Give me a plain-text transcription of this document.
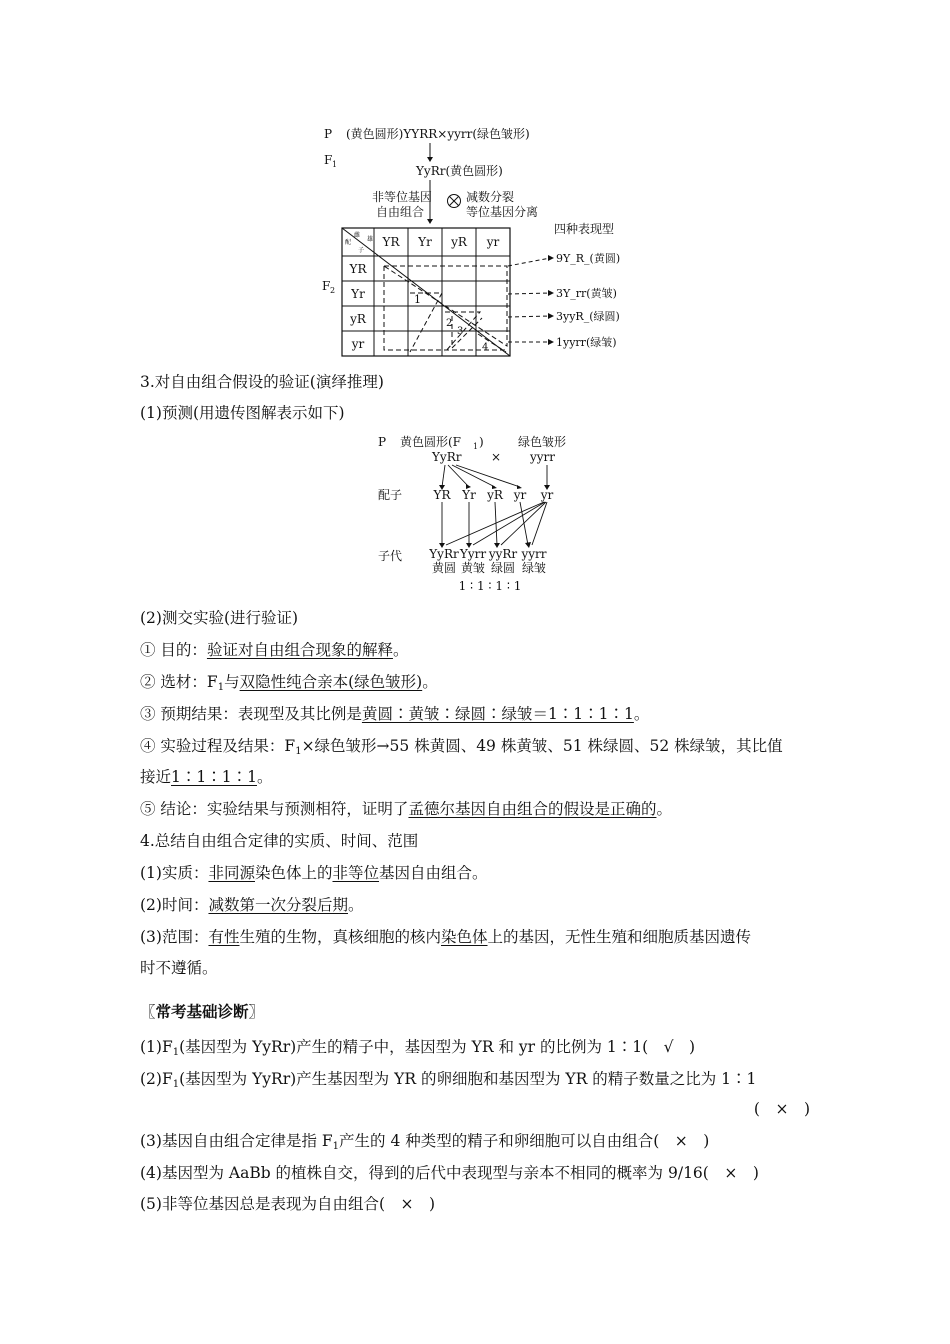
P (黄色圆形)YYRR×yyrr(绿色皱形)
F 1	YyRr(黄色圆形)
非等位基因
自由组合
减数分裂
等位基因分离
四种表现型
雌
雄
配
子
YR Yr yR yr
YR
Yr
yR
yr
1
2
3
4
F 2
9Y_R_(黄圆)
3Y_rr(黄皱)
3yyR_(绿圆)
1yyrr(绿皱)
3.对自由组合假设的验证(演绎推理)
(1)预测(用遗传图解表示如下)
P 黄色圆形(F 1 )	绿色皱形
YyRr × yyrr
配子
子代
YR Yr yR yr yr
YyRr Yyrr yyRr yyrr
黄圆 黄皱 绿圆 绿皱
1 ∶ 1 ∶ 1 ∶ 1
(2)测交实验(进行验证)
① 目的：验证对自由组合现象的解释。
② 选材：$F_1$与双隐性纯合亲本(绿色皱形)。
③ 预期结果：表现型及其比例是黄圆∶黄皱∶绿圆∶绿皱＝1∶1∶1∶1。
④ 实验过程及结果：$F_1\times$绿色皱形→55 株黄圆、49 株黄皱、51 株绿圆、52 株绿皱，其比值
接近1∶1∶1∶1。
⑤ 结论：实验结果与预测相符，证明了孟德尔基因自由组合的假设是正确的。
4.总结自由组合定律的实质、时间、范围
(1)实质：非同源染色体上的非等位基因自由组合。
(2)时间：减数第一次分裂后期。
(3)范围：有性生殖的生物，真核细胞的核内染色体上的基因，无性生殖和细胞质基因遗传
时不遵循。
〖常考基础诊断〗
$(1)F_1$(基因型为 YyRr)产生的精子中，基因型为 YR 和 yr 的比例为 1∶1(　√　)
$(2)F_1$(基因型为 YyRr)产生基因型为 YR 的卵细胞和基因型为 YR 的精子数量之比为 1∶1
(　×　)
(3)基因自由组合定律是指 $F_1$产生的 4 种类型的精子和卵细胞可以自由组合(　×　)
(4)基因型为 AaBb 的植株自交，得到的后代中表现型与亲本不相同的概率为 9/16(　×　)
(5)非等位基因总是表现为自由组合(　×　)
